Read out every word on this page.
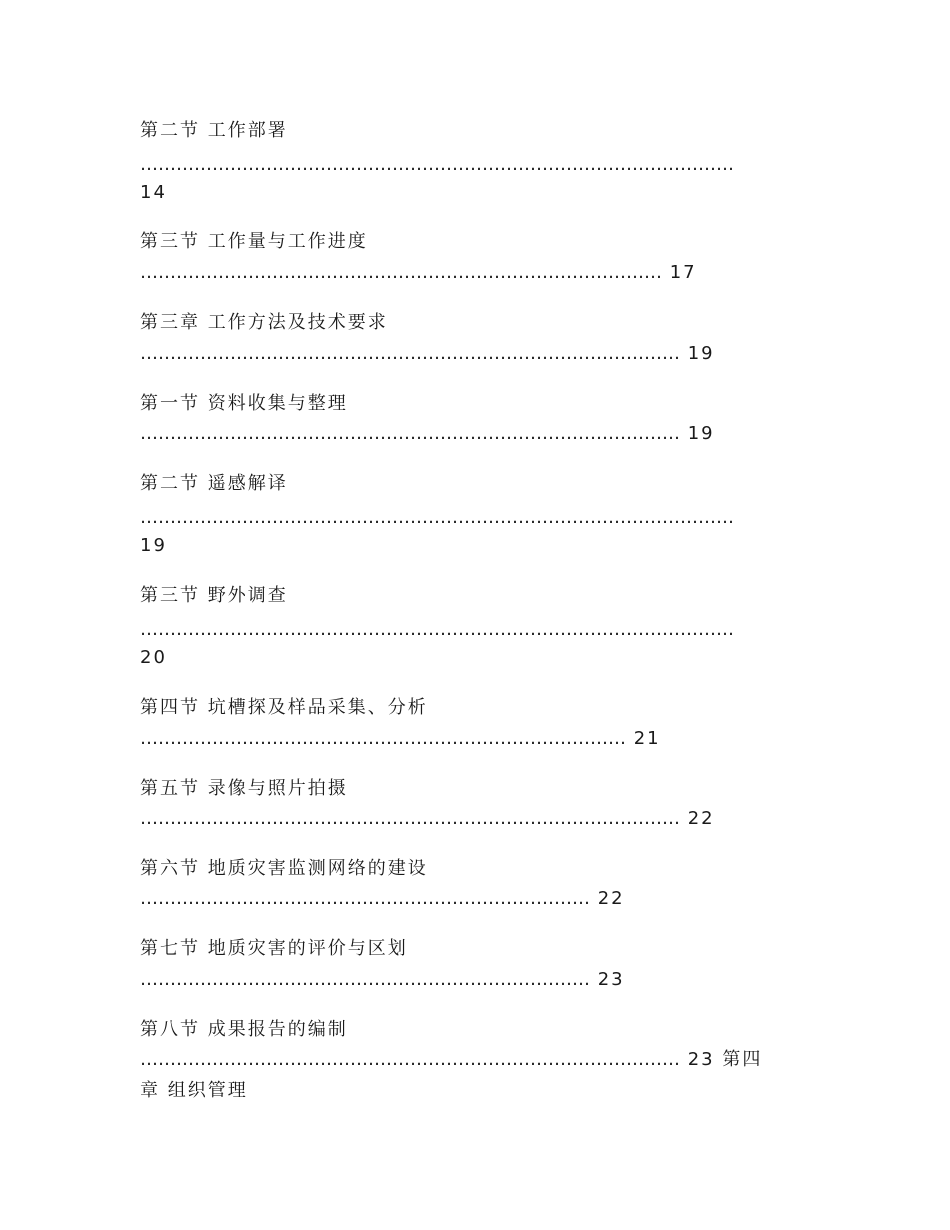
第二节 工作部署
………………………………………………………………………………………
14
第三节 工作量与工作进度
…………………………………………………………………………… 17
第三章 工作方法及技术要求
……………………………………………………………………………… 19
第一节 资料收集与整理
……………………………………………………………………………… 19
第二节 遥感解译
………………………………………………………………………………………
19
第三节 野外调查
………………………………………………………………………………………
20
第四节 坑槽探及样品采集、分析
……………………………………………………………………… 21
第五节 录像与照片拍摄
……………………………………………………………………………… 22
第六节 地质灾害监测网络的建设
………………………………………………………………… 22
第七节 地质灾害的评价与区划
………………………………………………………………… 23
第八节 成果报告的编制
……………………………………………………………………………… 23 第四
章 组织管理
